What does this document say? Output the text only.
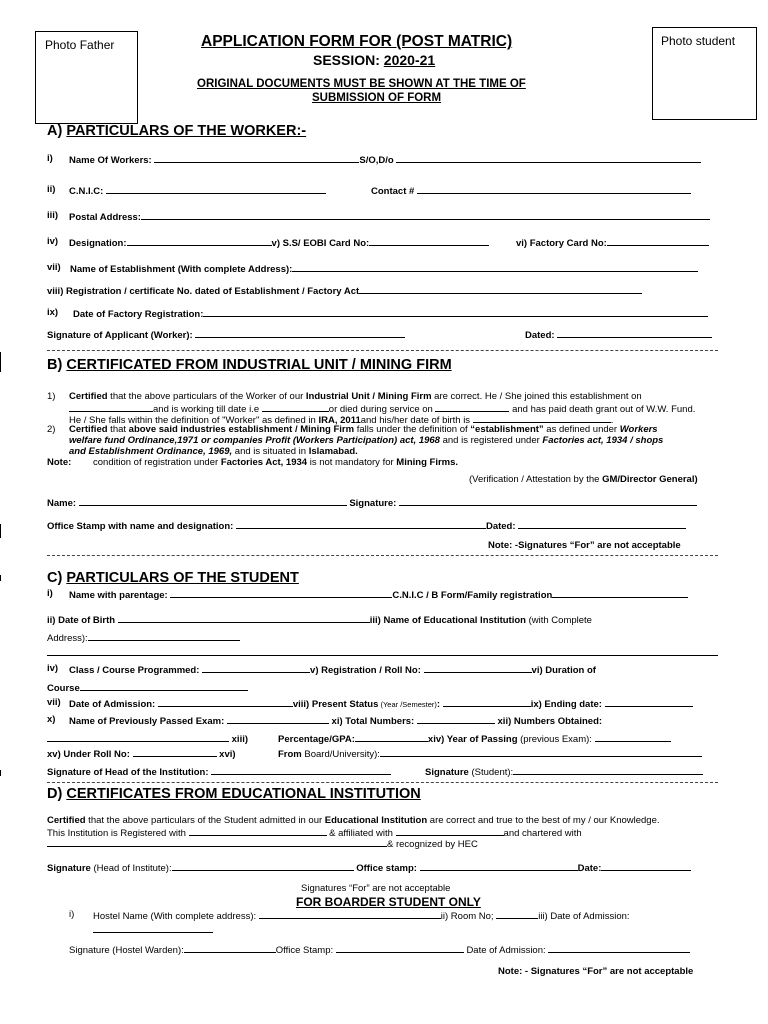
Photo Father	Photo student
APPLICATION FORM FOR (POST MATRIC)
SESSION: 2020-21
ORIGINAL DOCUMENTS MUST BE SHOWN AT THE TIME OF
SUBMISSION OF FORM
A) PARTICULARS OF THE WORKER:-
i) Name Of Workers:	S/O,D/o
ii) C.N.I.C:	Contact #
iii) Postal Address:
iv) Designation:	v) S.S/ EOBI Card No:	vi) Factory Card No:
vii) Name of Establishment (With complete Address):
viii) Registration / certificate No. dated of Establishment / Factory Act
ix) Date of Factory Registration:
Signature of Applicant (Worker):	Dated:
B) CERTIFICATED FROM INDUSTRIAL UNIT / MINING FIRM
1) Certified that the above particulars of the Worker of our Industrial Unit / Mining Firm are correct. He / She joined this establishment on
and is working till date i.e	or died during service on	and has paid death grant out of W.W. Fund.
He / She falls within the definition of "Worker" as defined in IRA, 2011and his/her date of birth is	.
2) Certified that above said industries establishment / Mining Firm falls under the definition of “establishment” as defined under Workers
welfare fund Ordinance,1971 or companies Profit (Workers Participation) act, 1968 and is registered under Factories act, 1934 / shops
and Establishment Ordinance, 1969, and is situated in Islamabad.
Note: condition of registration under Factories Act, 1934 is not mandatory for Mining Firms.
(Verification / Attestation by the GM/Director General)
Name:	Signature:
Office Stamp with name and designation:	Dated:
Note: -Signatures “For” are not acceptable
C) PARTICULARS OF THE STUDENT
i) Name with parentage:	C.N.I.C / B Form/Family registration
ii) Date of Birth	iii) Name of Educational Institution (with Complete
Address):
iv) Class / Course Programmed:	v) Registration / Roll No:	vi) Duration of
Course
vii) Date of Admission:	viii) Present Status (Year /Semester):	ix) Ending date:
x) Name of Previously Passed Exam:	xi) Total Numbers:	xii) Numbers Obtained:
xiii)	Percentage/GPA:	xiv) Year of Passing (previous Exam):
xv) Under Roll No:	xvi)	From Board/University):
Signature of Head of the Institution:	Signature (Student):
D) CERTIFICATES FROM EDUCATIONAL INSTITUTION
Certified that the above particulars of the Student admitted in our Educational Institution are correct and true to the best of my / our Knowledge.
This Institution is Registered with	& affiliated with	and chartered with
& recognized by HEC
Signature (Head of Institute):	Office stamp:	Date:
Signatures “For” are not acceptable
FOR BOARDER STUDENT ONLY
i) Hostel Name (With complete address):	ii) Room No;	iii) Date of Admission:
Signature (Hostel Warden):	Office Stamp:	Date of Admission:
Note: - Signatures “For” are not acceptable
